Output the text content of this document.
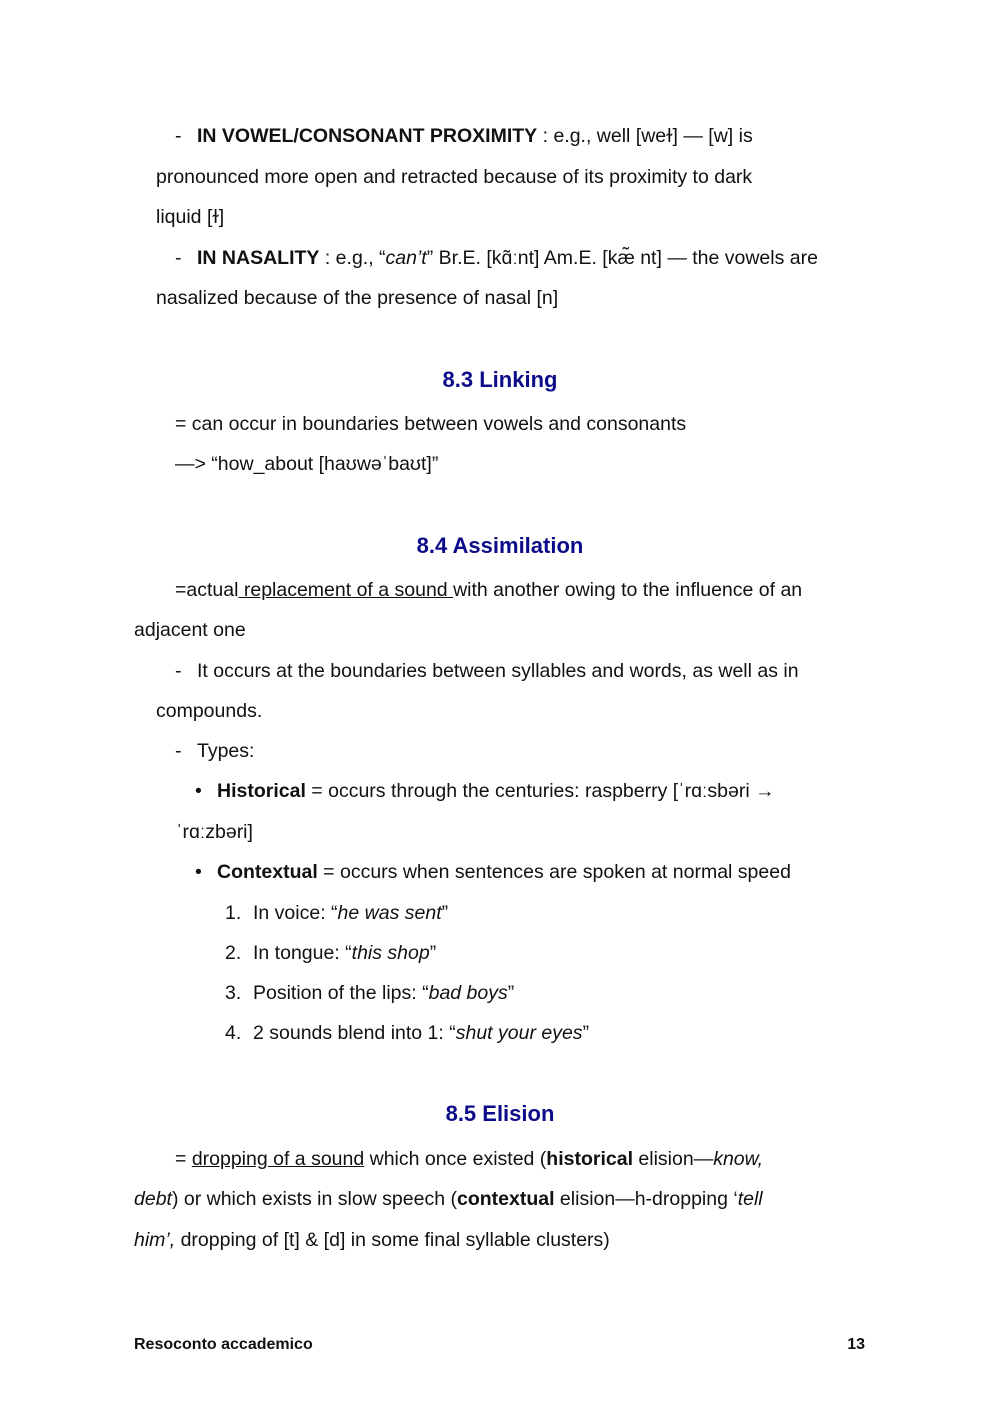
- IN VOWEL/CONSONANT PROXIMITY : e.g., well [weɫ] — [w] is
pronounced more open and retracted because of its proximity to dark
liquid [ɫ]
- IN NASALITY : e.g., “can’t” Br.E. [kɑ̃ːnt] Am.E. [kæ̃ nt] — the vowels are
nasalized because of the presence of nasal [n]
8.3 Linking
= can occur in boundaries between vowels and consonants
—> “how_about [haʊwəˈbaʊt]”
8.4 Assimilation
=actual replacement of a sound with another owing to the influence of an
adjacent one
- It occurs at the boundaries between syllables and words, as well as in
compounds.
- Types:
• Historical = occurs through the centuries: raspberry [ˈrɑːsbəri →
ˈrɑːzbəri]
• Contextual = occurs when sentences are spoken at normal speed
1. In voice: “he was sent”
2. In tongue: “this shop”
3. Position of the lips: “bad boys”
4. 2 sounds blend into 1: “shut your eyes”
8.5 Elision
= dropping of a sound which once existed (historical elision—know,
debt) or which exists in slow speech (contextual elision—h-dropping ‘tell
him’, dropping of [t] & [d] in some final syllable clusters)
Resoconto accademico	13
